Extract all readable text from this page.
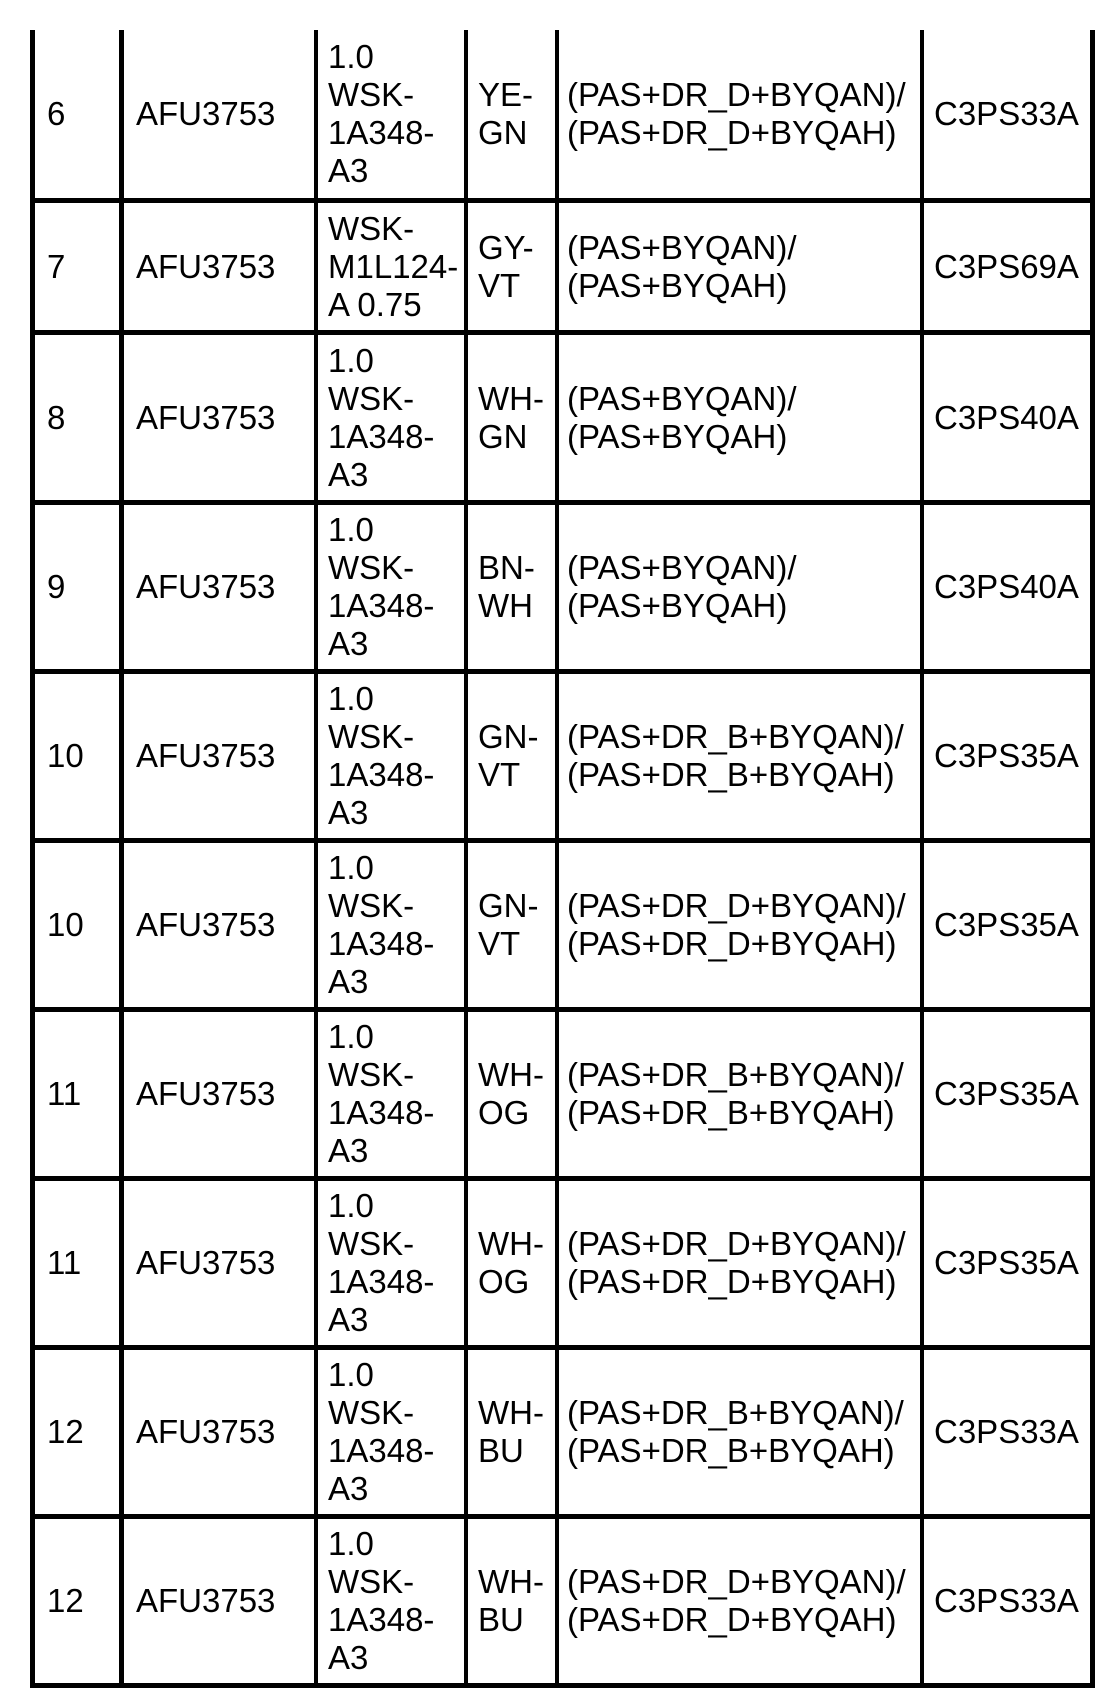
6 AFU3753
1.0
WSK-
1A348-
A3
YE-
GN
(PAS+DR_D+BYQAN)/
(PAS+DR_D+BYQAH)
C3PS33A
7 AFU3753
WSK-
M1L124-
A 0.75
GY-
VT
(PAS+BYQAN)/
(PAS+BYQAH)
C3PS69A
8 AFU3753
1.0
WSK-
1A348-
A3
WH-
GN
(PAS+BYQAN)/
(PAS+BYQAH)
C3PS40A
9 AFU3753
1.0
WSK-
1A348-
A3
BN-
WH
(PAS+BYQAN)/
(PAS+BYQAH)
C3PS40A
10 AFU3753
1.0
WSK-
1A348-
A3
GN-
VT
(PAS+DR_B+BYQAN)/
(PAS+DR_B+BYQAH)
C3PS35A
10 AFU3753
1.0
WSK-
1A348-
A3
GN-
VT
(PAS+DR_D+BYQAN)/
(PAS+DR_D+BYQAH)
C3PS35A
11 AFU3753
1.0
WSK-
1A348-
A3
WH-
OG
(PAS+DR_B+BYQAN)/
(PAS+DR_B+BYQAH)
C3PS35A
11 AFU3753
1.0
WSK-
1A348-
A3
WH-
OG
(PAS+DR_D+BYQAN)/
(PAS+DR_D+BYQAH)
C3PS35A
12 AFU3753
1.0
WSK-
1A348-
A3
WH-
BU
(PAS+DR_B+BYQAN)/
(PAS+DR_B+BYQAH)
C3PS33A
12 AFU3753
1.0
WSK-
1A348-
A3
WH-
BU
(PAS+DR_D+BYQAN)/
(PAS+DR_D+BYQAH)
C3PS33A
